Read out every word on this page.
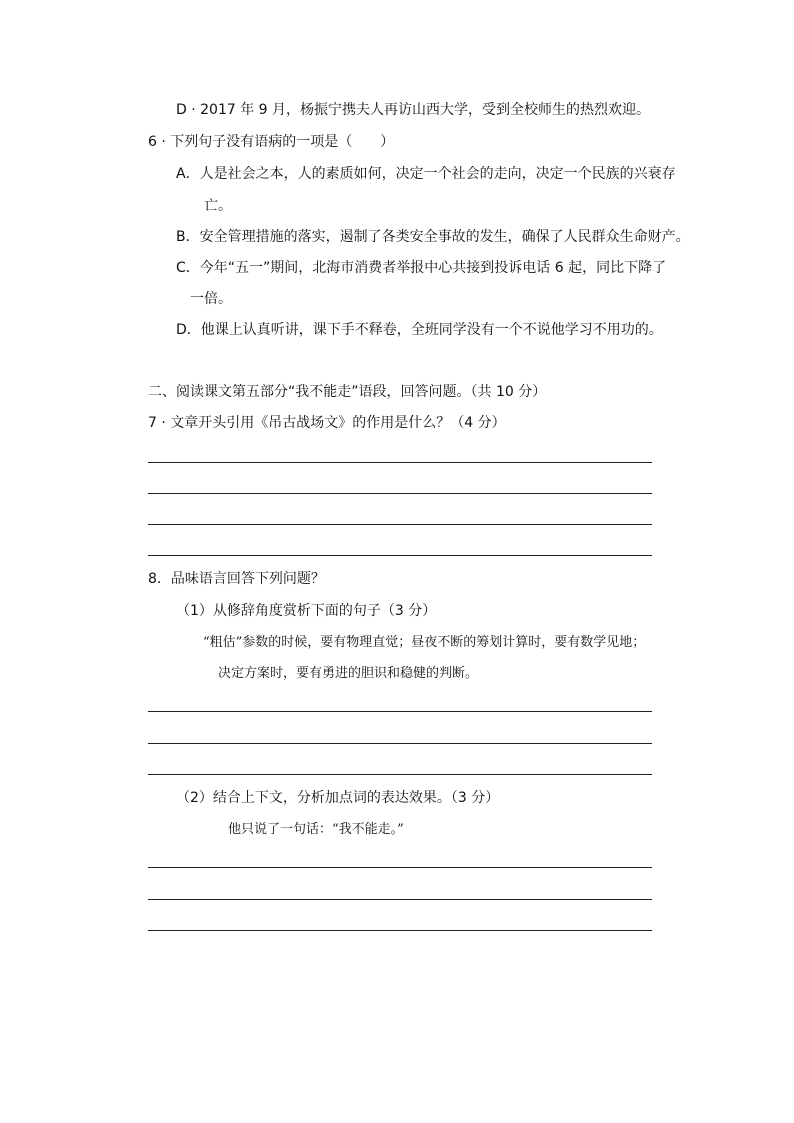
D · 2017 年 9 月，杨振宁携夫人再访山西大学，受到全校师生的热烈欢迎。
6 · 下列句子没有语病的一项是（　　）
A．人是社会之本，人的素质如何，决定一个社会的走向，决定一个民族的兴衰存
亡。
B．安全管理措施的落实，遏制了各类安全事故的发生，确保了人民群众生命财产。
C．今年“五一”期间，北海市消费者举报中心共接到投诉电话 6 起，同比下降了
一倍。
D．他课上认真听讲，课下手不释卷，全班同学没有一个不说他学习不用功的。
二、阅读课文第五部分“我不能走”语段，回答问题。（共 10 分）
7 · 文章开头引用《吊古战场文》的作用是什么？（4 分）
8．品味语言回答下列问题？
（1）从修辞角度赏析下面的句子（3 分）
“粗估”参数的时候，要有物理直觉；昼夜不断的筹划计算时，要有数学见地；
决定方案时，要有勇进的胆识和稳健的判断。
（2）结合上下文，分析加点词的表达效果。（3 分）
他只说了一句话：“我不能走。”
